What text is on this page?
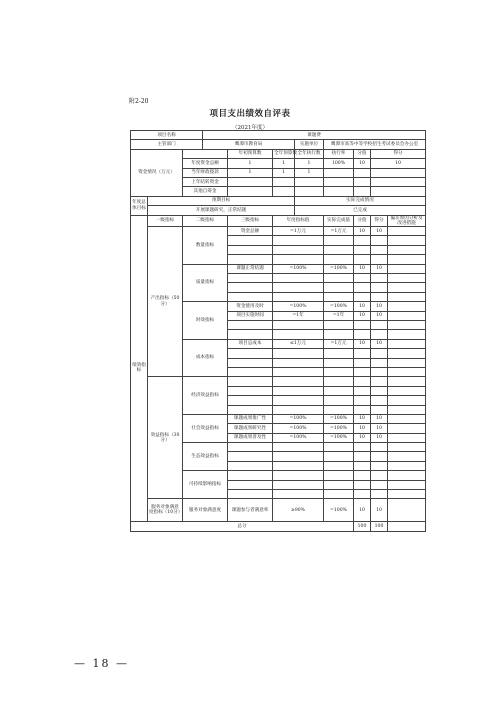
附2-20
项目支出绩效自评表
（2021年度）
项目名称			课题费							
主管部门			鹰潭市教育局			实施单位	鹰潭市高等中等学校招生考试委员会办公室			
资金情况（万元）				年初预算数	全年预算数	全年执行数	执行率	分值	得分	
		年度资金总额		1	1	1	100%	10	10	
		当年财政拨款		1	1	1				
		上年结转资金								
		其他自筹金								
年度总体目标	预期目标					实际完成情况				
	开展课题研究，正常结题					已完成				
绩效指标	一级指标	二级指标		三级指标	年度指标值		实际完成值	分值	得分	偏差原因分析及改进措施
	产出指标（50分）	数量指标		资金总额	=1万元		=1万元	10	10	

		质量指标		课题正常结题	=100%		=100%	10	10	

		时效指标		资金使用及时	=100%		=100%	10	10	
				项目实施时间	=1年		=1年	10	10	

		成本指标		项目总成本	≤1万元		=1万元	10	10	

	效益指标（30分）	经济效益指标								

		社会效益指标		课题成果推广性	=100%		=100%	10	10	
				课题成果研究性	=100%		=100%	10	10	
				课题成果普及性	=100%		=100%	10	10	
		生态效益指标								

		可持续影响指标								

	服务对象满意度指标（10分）	服务对象满意度		课题参与者满意率	≥90%		=100%	10	10	
总分								100	100	
— 18 —
